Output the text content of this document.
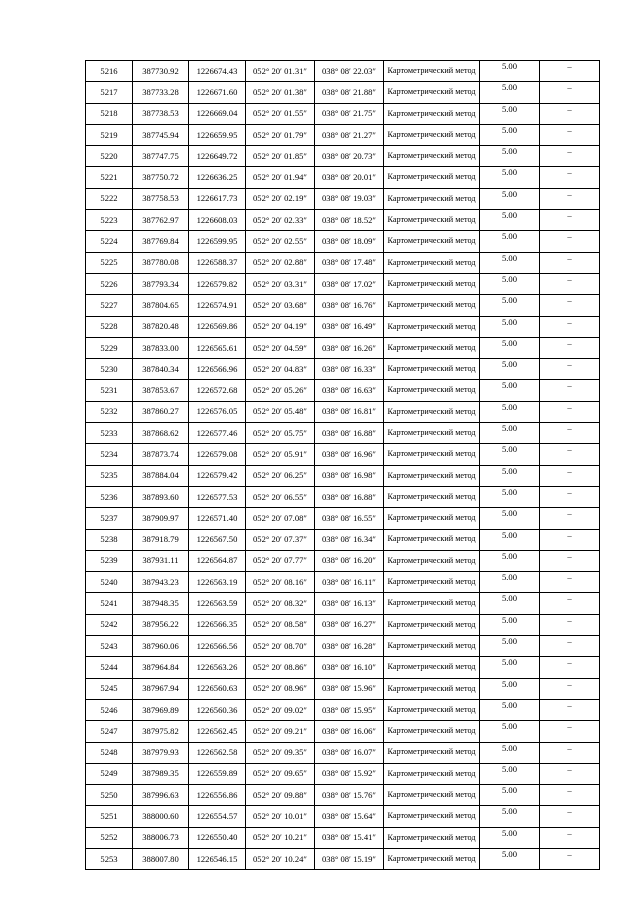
5216	387730.92	1226674.43	052° 20′ 01.31″	038° 08′ 22.03″	Картометрический метод	5.00	–
5217	387733.28	1226671.60	052° 20′ 01.38″	038° 08′ 21.88″	Картометрический метод	5.00	–
5218	387738.53	1226669.04	052° 20′ 01.55″	038° 08′ 21.75″	Картометрический метод	5.00	–
5219	387745.94	1226659.95	052° 20′ 01.79″	038° 08′ 21.27″	Картометрический метод	5.00	–
5220	387747.75	1226649.72	052° 20′ 01.85″	038° 08′ 20.73″	Картометрический метод	5.00	–
5221	387750.72	1226636.25	052° 20′ 01.94″	038° 08′ 20.01″	Картометрический метод	5.00	–
5222	387758.53	1226617.73	052° 20′ 02.19″	038° 08′ 19.03″	Картометрический метод	5.00	–
5223	387762.97	1226608.03	052° 20′ 02.33″	038° 08′ 18.52″	Картометрический метод	5.00	–
5224	387769.84	1226599.95	052° 20′ 02.55″	038° 08′ 18.09″	Картометрический метод	5.00	–
5225	387780.08	1226588.37	052° 20′ 02.88″	038° 08′ 17.48″	Картометрический метод	5.00	–
5226	387793.34	1226579.82	052° 20′ 03.31″	038° 08′ 17.02″	Картометрический метод	5.00	–
5227	387804.65	1226574.91	052° 20′ 03.68″	038° 08′ 16.76″	Картометрический метод	5.00	–
5228	387820.48	1226569.86	052° 20′ 04.19″	038° 08′ 16.49″	Картометрический метод	5.00	–
5229	387833.00	1226565.61	052° 20′ 04.59″	038° 08′ 16.26″	Картометрический метод	5.00	–
5230	387840.34	1226566.96	052° 20′ 04.83″	038° 08′ 16.33″	Картометрический метод	5.00	–
5231	387853.67	1226572.68	052° 20′ 05.26″	038° 08′ 16.63″	Картометрический метод	5.00	–
5232	387860.27	1226576.05	052° 20′ 05.48″	038° 08′ 16.81″	Картометрический метод	5.00	–
5233	387868.62	1226577.46	052° 20′ 05.75″	038° 08′ 16.88″	Картометрический метод	5.00	–
5234	387873.74	1226579.08	052° 20′ 05.91″	038° 08′ 16.96″	Картометрический метод	5.00	–
5235	387884.04	1226579.42	052° 20′ 06.25″	038° 08′ 16.98″	Картометрический метод	5.00	–
5236	387893.60	1226577.53	052° 20′ 06.55″	038° 08′ 16.88″	Картометрический метод	5.00	–
5237	387909.97	1226571.40	052° 20′ 07.08″	038° 08′ 16.55″	Картометрический метод	5.00	–
5238	387918.79	1226567.50	052° 20′ 07.37″	038° 08′ 16.34″	Картометрический метод	5.00	–
5239	387931.11	1226564.87	052° 20′ 07.77″	038° 08′ 16.20″	Картометрический метод	5.00	–
5240	387943.23	1226563.19	052° 20′ 08.16″	038° 08′ 16.11″	Картометрический метод	5.00	–
5241	387948.35	1226563.59	052° 20′ 08.32″	038° 08′ 16.13″	Картометрический метод	5.00	–
5242	387956.22	1226566.35	052° 20′ 08.58″	038° 08′ 16.27″	Картометрический метод	5.00	–
5243	387960.06	1226566.56	052° 20′ 08.70″	038° 08′ 16.28″	Картометрический метод	5.00	–
5244	387964.84	1226563.26	052° 20′ 08.86″	038° 08′ 16.10″	Картометрический метод	5.00	–
5245	387967.94	1226560.63	052° 20′ 08.96″	038° 08′ 15.96″	Картометрический метод	5.00	–
5246	387969.89	1226560.36	052° 20′ 09.02″	038° 08′ 15.95″	Картометрический метод	5.00	–
5247	387975.82	1226562.45	052° 20′ 09.21″	038° 08′ 16.06″	Картометрический метод	5.00	–
5248	387979.93	1226562.58	052° 20′ 09.35″	038° 08′ 16.07″	Картометрический метод	5.00	–
5249	387989.35	1226559.89	052° 20′ 09.65″	038° 08′ 15.92″	Картометрический метод	5.00	–
5250	387996.63	1226556.86	052° 20′ 09.88″	038° 08′ 15.76″	Картометрический метод	5.00	–
5251	388000.60	1226554.57	052° 20′ 10.01″	038° 08′ 15.64″	Картометрический метод	5.00	–
5252	388006.73	1226550.40	052° 20′ 10.21″	038° 08′ 15.41″	Картометрический метод	5.00	–
5253	388007.80	1226546.15	052° 20′ 10.24″	038° 08′ 15.19″	Картометрический метод	5.00	–
